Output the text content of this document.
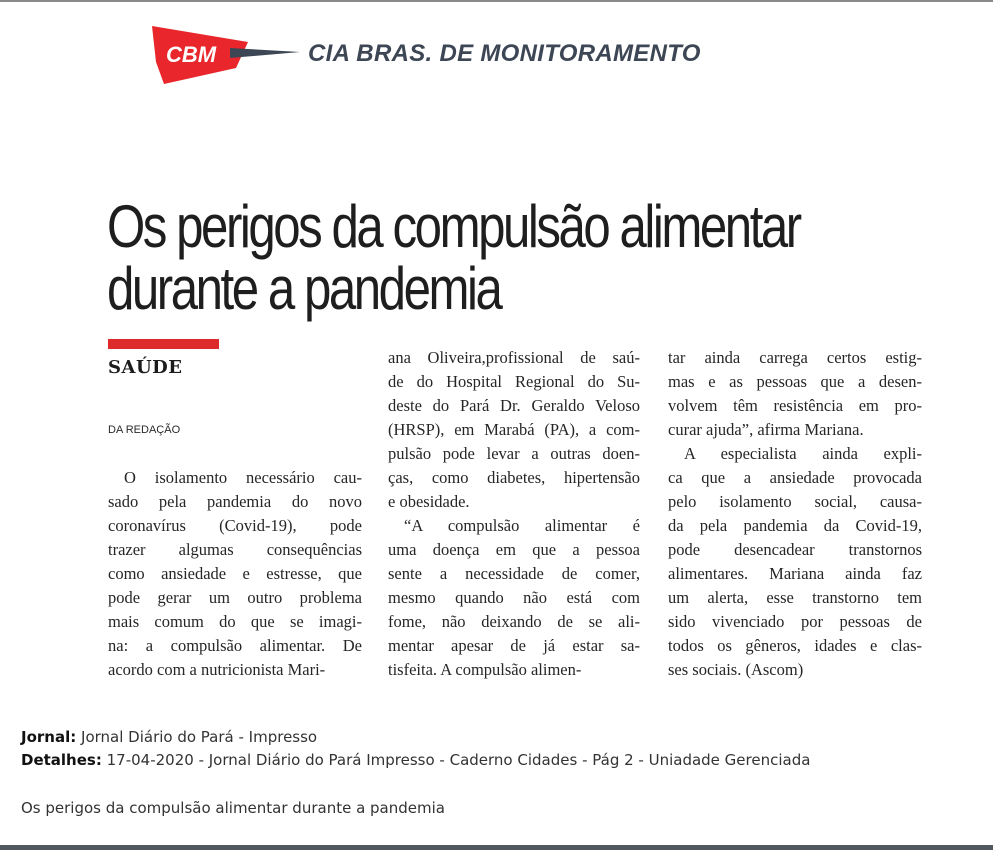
CBM	CIA BRAS. DE MONITORAMENTO
Os perigos da compulsão alimentar
durante a pandemia
SAÚDE
DA REDAÇÃO
O isolamento necessário cau-
sado pela pandemia do novo
coronavírus (Covid-19), pode
trazer algumas consequências
como ansiedade e estresse, que
pode gerar um outro problema
mais comum do que se imagi-
na: a compulsão alimentar. De
acordo com a nutricionista Mari-
ana Oliveira,profissional de saú-
de do Hospital Regional do Su-
deste do Pará Dr. Geraldo Veloso
(HRSP), em Marabá (PA), a com-
pulsão pode levar a outras doen-
ças, como diabetes, hipertensão
e obesidade.
“A compulsão alimentar é
uma doença em que a pessoa
sente a necessidade de comer,
mesmo quando não está com
fome, não deixando de se ali-
mentar apesar de já estar sa-
tisfeita. A compulsão alimen-
tar ainda carrega certos estig-
mas e as pessoas que a desen-
volvem têm resistência em pro-
curar ajuda”, afirma Mariana.
A especialista ainda expli-
ca que a ansiedade provocada
pelo isolamento social, causa-
da pela pandemia da Covid-19,
pode desencadear transtornos
alimentares. Mariana ainda faz
um alerta, esse transtorno tem
sido vivenciado por pessoas de
todos os gêneros, idades e clas-
ses sociais. (Ascom)
Jornal: Jornal Diário do Pará - Impresso
Detalhes: 17-04-2020 - Jornal Diário do Pará Impresso - Caderno Cidades - Pág 2 - Uniadade Gerenciada
Os perigos da compulsão alimentar durante a pandemia
